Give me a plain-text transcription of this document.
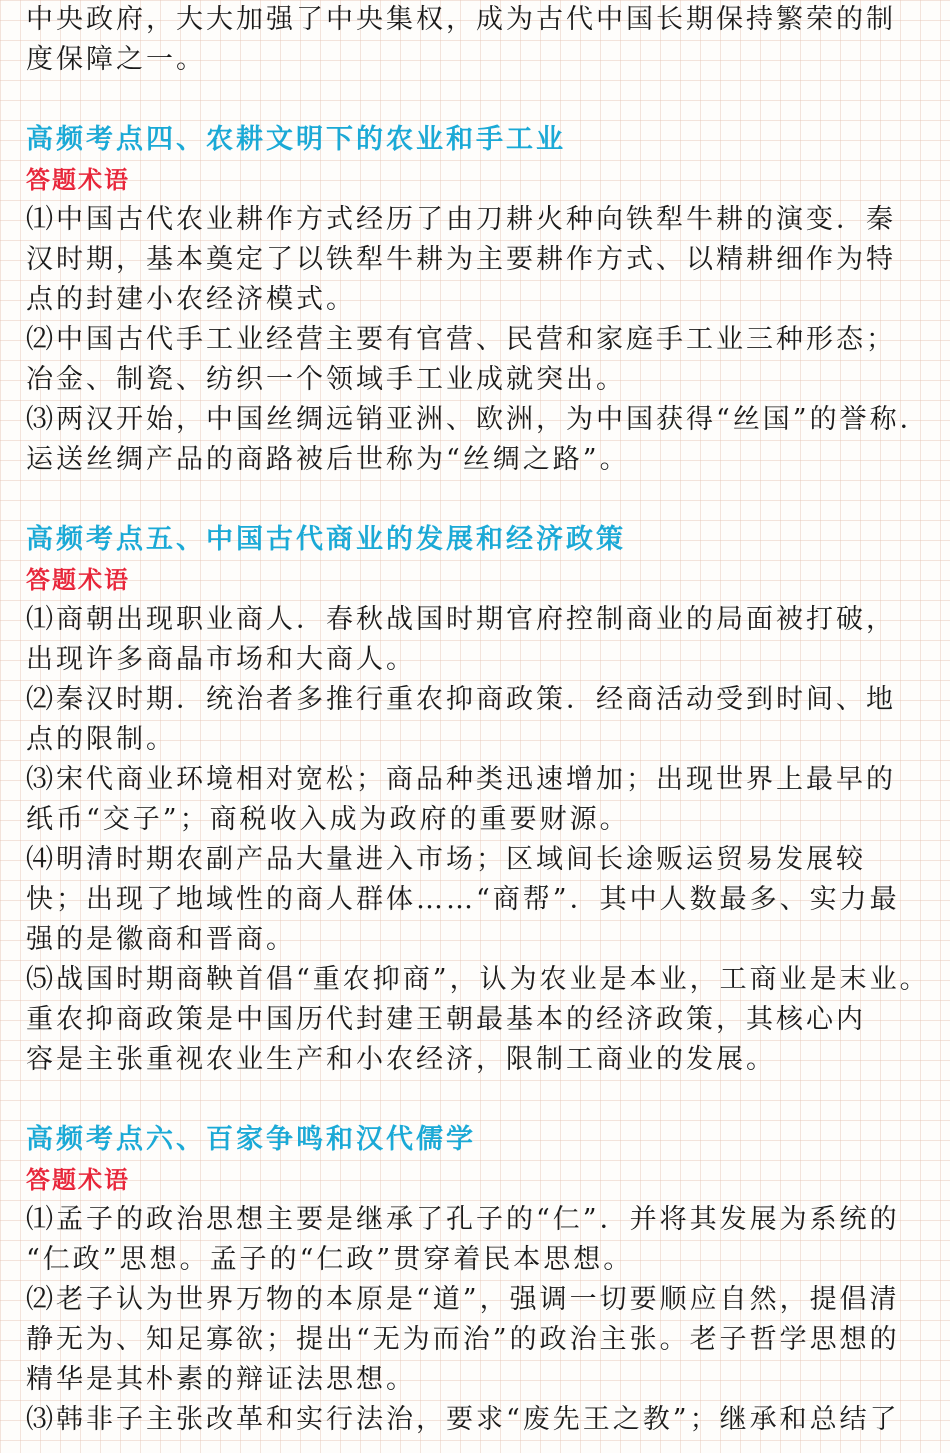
中央政府，大大加强了中央集权，成为古代中国长期保持繁荣的制
度保障之一。
高频考点四、农耕文明下的农业和手工业
答题术语
⑴中国古代农业耕作方式经历了由刀耕火种向铁犁牛耕的演变．秦
汉时期，基本奠定了以铁犁牛耕为主要耕作方式、以精耕细作为特
点的封建小农经济模式。
⑵中国古代手工业经营主要有官营、民营和家庭手工业三种形态；
冶金、制瓷、纺织一个领域手工业成就突出。
⑶两汉开始，中国丝绸远销亚洲、欧洲，为中国获得“丝国”的誉称．
运送丝绸产品的商路被后世称为“丝绸之路”。
高频考点五、中国古代商业的发展和经济政策
答题术语
⑴商朝出现职业商人．春秋战国时期官府控制商业的局面被打破，
出现许多商晶市场和大商人。
⑵秦汉时期．统治者多推行重农抑商政策．经商活动受到时间、地
点的限制。
⑶宋代商业环境相对宽松；商品种类迅速增加；出现世界上最早的
纸币“交子”；商税收入成为政府的重要财源。
⑷明清时期农副产品大量进入市场；区域间长途贩运贸易发展较
快；出现了地域性的商人群体……“商帮”．其中人数最多、实力最
强的是徽商和晋商。
⑸战国时期商鞅首倡“重农抑商”，认为农业是本业，工商业是末业。
重农抑商政策是中国历代封建王朝最基本的经济政策，其核心内
容是主张重视农业生产和小农经济，限制工商业的发展。
高频考点六、百家争鸣和汉代儒学
答题术语
⑴孟子的政治思想主要是继承了孔子的“仁”．并将其发展为系统的
“仁政”思想。孟子的“仁政”贯穿着民本思想。
⑵老子认为世界万物的本原是“道”，强调一切要顺应自然，提倡清
静无为、知足寡欲；提出“无为而治”的政治主张。老子哲学思想的
精华是其朴素的辩证法思想。
⑶韩非子主张改革和实行法治，要求“废先王之教”；继承和总结了
